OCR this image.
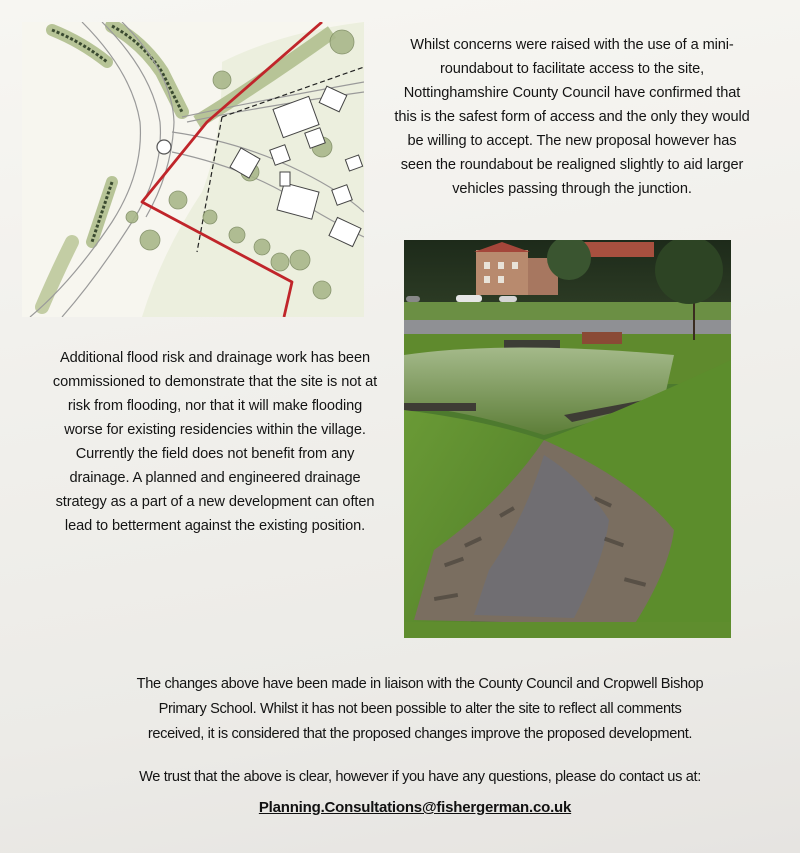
Whilst concerns were raised with the use of a mini-
roundabout to facilitate access to the site,
Nottinghamshire County Council have confirmed that
this is the safest form of access and the only they would
be willing to accept. The new proposal however has
seen the roundabout be realigned slightly to aid larger
vehicles passing through the junction.
Additional flood risk and drainage work has been
commissioned to demonstrate that the site is not at
risk from flooding, nor that it will make flooding
worse for existing residencies within the village.
Currently the field does not benefit from any
drainage. A planned and engineered drainage
strategy as a part of a new development can often
lead to betterment against the existing position.
The changes above have been made in liaison with the County Council and Cropwell Bishop
Primary School. Whilst it has not been possible to alter the site to reflect all comments
received, it is considered that the proposed changes improve the proposed development.
We trust that the above is clear, however if you have any questions, please do contact us at:
Planning.Consultations@fishergerman.co.uk
